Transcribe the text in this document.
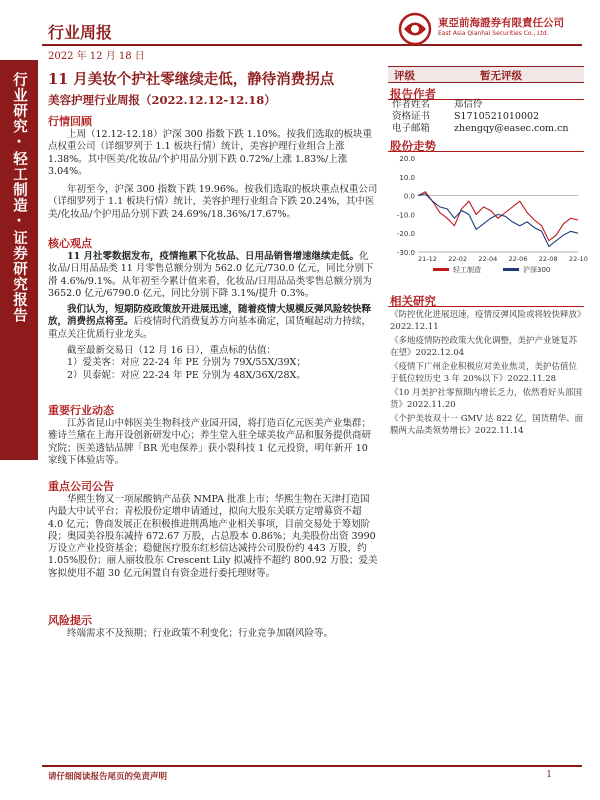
行业研究·轻工制造·证券研究报告
行业周报
2022 年 12 月 18 日
東亞前海證券有限責任公司
East Asia Qianhai Securities Co., Ltd.
11 月美妆个护社零继续走低，静待消费拐点
美容护理行业周报（2022.12.12-12.18）
评级	暂无评级
报告作者
作者姓名	郑信伶
资格证书	S1710521010002
电子邮箱	zhengqy@easec.com.cn
股份走势
20.0
10.0
0.0
-10.0
-20.0
-30.0
21-12 22-02 22-04 22-06 22-08 22-10
轻工制造	沪深300
相关研究
《防控优化进展迅速，疫情反弹风险或将较快释放》2022.12.11
《多地疫情防控政策大优化调整，美护产业链复苏在望》2022.12.04
《疫情下广州企业积极应对美业焦灵，美护估值位于低位较历史 3 年 20%以下》2022.11.28
《10 月美护社零预期内增长乏力，依然看好头部国货》2022.11.20
《个护美妆双十一 GMV 达 822 亿，国货精华、面膜两大品类领势增长》2022.11.14
行情回顾

上周（12.12-12.18）沪深 300 指数下跌 1.10%。按我们选取的板块重点权重公司（详细罗列于 1.1 板块行情）统计，美容护理行业组合上涨 1.38%。其中医美/化妆品/个护用品分别下跌 0.72%/上涨 1.83%/上涨 3.04%。

年初至今，沪深 300 指数下跌 19.96%。按我们选取的板块重点权重公司（详细罗列于 1.1 板块行情）统计，美容护理行业组合下跌 20.24%，其中医美/化妆品/个护用品分别下跌 24.69%/18.36%/17.67%。

核心观点

11 月社零数据发布，疫情拖累下化妆品、日用品销售增速继续走低。化妆品/日用品品类 11 月零售总额分别为 562.0 亿元/730.0 亿元，同比分别下滑 4.6%/9.1%。从年初至今累计值来看，化妆品/日用品品类零售总额分别为 3652.0 亿元/6790.0 亿元，同比分别下降 3.1%/提升 0.3%。

我们认为，短期防疫政策放开进展迅速，随着疫情大规模反弹风险较快释放，消费拐点将至。后疫情时代消费复苏方向基本确定，国货崛起动力持续，重点关注优质行业龙头。

截至最新交易日（12 月 16 日），重点标的估值：

1）爱美客：对应 22-24 年 PE 分别为 79X/55X/39X；

2）贝泰妮：对应 22-24 年 PE 分别为 48X/36X/28X。

重要行业动态

江苏省昆山中韩医美生物科技产业园开园，将打造百亿元医美产业集群；雅诗兰黛在上海开设创新研发中心；养生堂入驻全球美妆产品和服务提供商研究院；医美透钻品牌「BR 光电保养」获小裂科技 1 亿元投资，明年新开 10 家线下体验店等。

重点公司公告

华熙生物又一项尿酸钠产品获 NMPA 批准上市；华熙生物在天津打造国内最大中试平台；青松股份定增申请通过，拟向大股东关联方定增募资不超 4.0 亿元；鲁商发展正在积极推进荆禹地产业相关事项，目前交易处于筹划阶段；奥园美谷股东减持 672.67 万股，占总股本 0.86%；丸美股份出资 3990 万设立产业投资基金；稳健医疗股东红杉信达减持公司股份约 443 万股，约 1.05%股份；丽人丽妆股东 Crescent Lily 拟减持不超约 800.92 万股；爱美客拟使用不超 30 亿元闲置自有资金进行委托理财等。

风险提示

终端需求不及预期；行业政策不利变化；行业竞争加剧风险等。

请仔细阅读报告尾页的免责声明	1
